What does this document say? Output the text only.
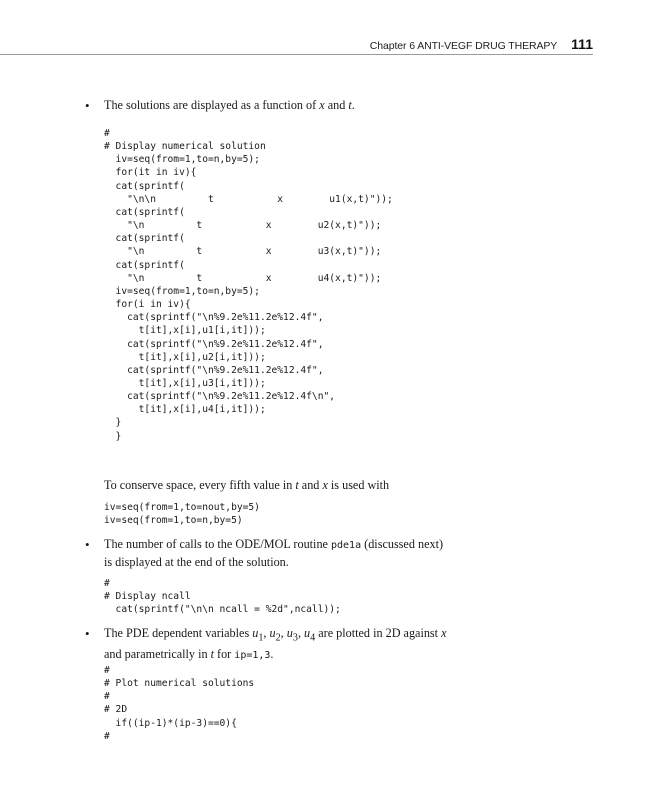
Chapter 6 ANTI-VEGF DRUG THERAPY 111
• The solutions are displayed as a function of x and t.
#
# Display numerical solution
iv=seq(from=1,to=n,by=5);
for(it in iv){
cat(sprintf(
"\n\n         t           x        u1(x,t)"));
cat(sprintf(
"\n         t           x        u2(x,t)"));
cat(sprintf(
"\n         t           x        u3(x,t)"));
cat(sprintf(
"\n         t           x        u4(x,t)"));
iv=seq(from=1,to=n,by=5);
for(i in iv){
cat(sprintf("\n%9.2e%11.2e%12.4f",
t[it],x[i],u1[i,it]));
cat(sprintf("\n%9.2e%11.2e%12.4f",
t[it],x[i],u2[i,it]));
cat(sprintf("\n%9.2e%11.2e%12.4f",
t[it],x[i],u3[i,it]));
cat(sprintf("\n%9.2e%11.2e%12.4f\n",
t[it],x[i],u4[i,it]));
}
}
To conserve space, every fifth value in t and x is used with
iv=seq(from=1,to=nout,by=5)
iv=seq(from=1,to=n,by=5)
• The number of calls to the ODE/MOL routine pde1a (discussed next) is displayed at the end of the solution.
#
# Display ncall
cat(sprintf("\n\n ncall = %2d",ncall));
• The PDE dependent variables $u_1$, $u_2$, $u_3$, $u_4$ are plotted in 2D against x and parametrically in t for ip=1,3.
#
# Plot numerical solutions
#
# 2D
if((ip-1)*(ip-3)==0){
#
